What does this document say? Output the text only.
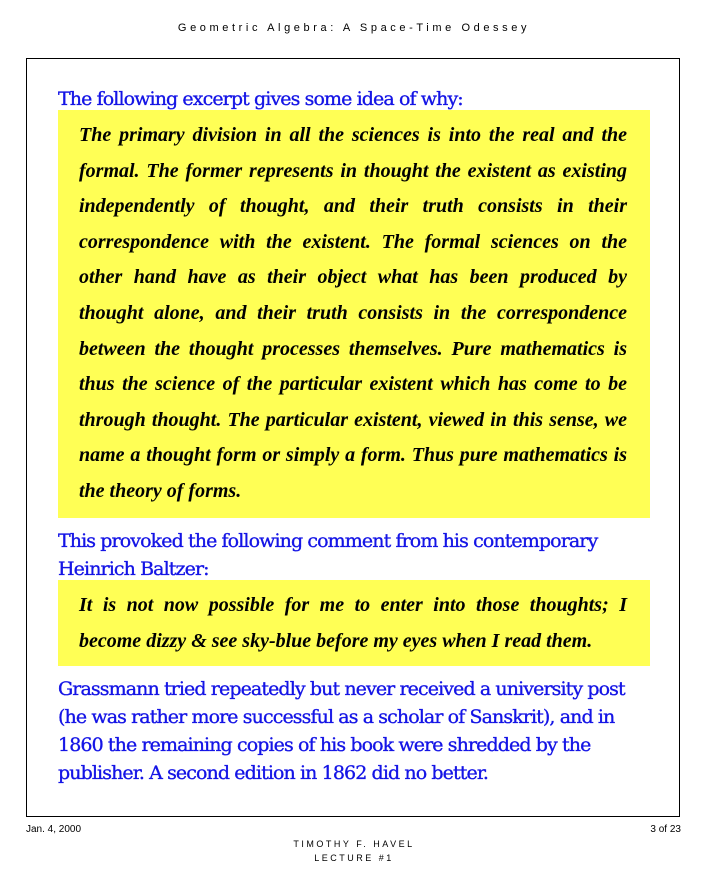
Geometric Algebra: A Space-Time Odessey
The following excerpt gives some idea of why:
The primary division in all the sciences is into the real and the formal. The former represents in thought the existent as existing independently of thought, and their truth consists in their correspondence with the existent. The formal sciences on the other hand have as their object what has been produced by thought alone, and their truth consists in the correspondence between the thought processes themselves. Pure mathematics is thus the science of the particular existent which has come to be through thought. The particular existent, viewed in this sense, we name a thought form or simply a form. Thus pure mathematics is the theory of forms.
This provoked the following comment from his contemporary Heinrich Baltzer:
It is not now possible for me to enter into those thoughts; I become dizzy & see sky-blue before my eyes when I read them.
Grassmann tried repeatedly but never received a university post (he was rather more successful as a scholar of Sanskrit), and in 1860 the remaining copies of his book were shredded by the publisher. A second edition in 1862 did no better.
Jan. 4, 2000	3 of 23
TIMOTHY F. HAVEL
LECTURE #1
